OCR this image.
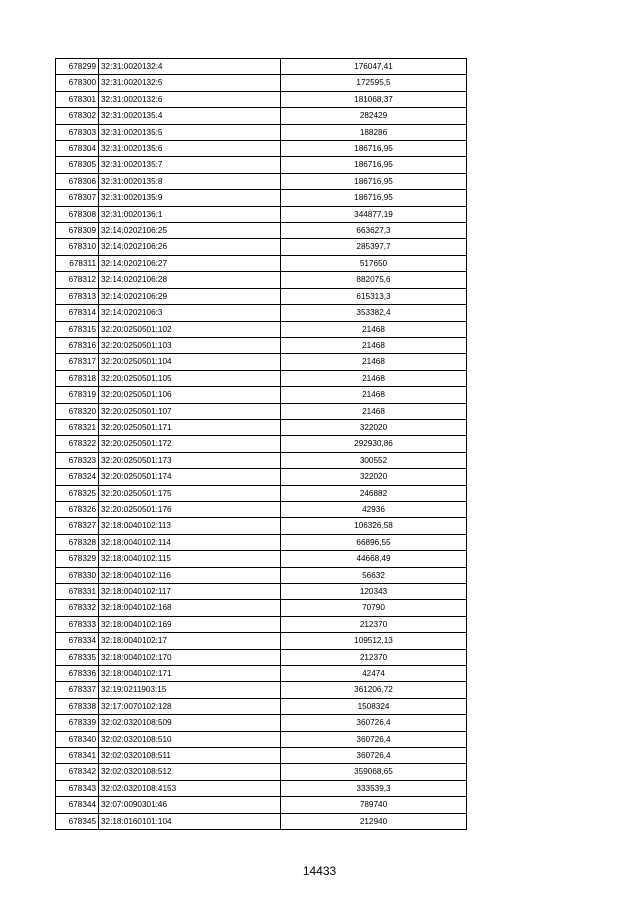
678299	32:31:0020132:4	176047,41
678300	32:31:0020132:5	172595,5
678301	32:31:0020132:6	181068,37
678302	32:31:0020135:4	282429
678303	32:31:0020135:5	188286
678304	32:31:0020135:6	186716,95
678305	32:31:0020135:7	186716,95
678306	32:31:0020135:8	186716,95
678307	32:31:0020135:9	186716,95
678308	32:31:0020136:1	344877,19
678309	32:14:0202106:25	663627,3
678310	32:14:0202106:26	285397,7
678311	32:14:0202106:27	517650
678312	32:14:0202106:28	882075,6
678313	32:14:0202106:29	615313,3
678314	32:14:0202106:3	353382,4
678315	32:20:0250501:102	21468
678316	32:20:0250501:103	21468
678317	32:20:0250501:104	21468
678318	32:20:0250501:105	21468
678319	32:20:0250501:106	21468
678320	32:20:0250501:107	21468
678321	32:20:0250501:171	322020
678322	32:20:0250501:172	292930,86
678323	32:20:0250501:173	300552
678324	32:20:0250501:174	322020
678325	32:20:0250501:175	246882
678326	32:20:0250501:176	42936
678327	32:18:0040102:113	106326,58
678328	32:18:0040102:114	66896,55
678329	32:18:0040102:115	44668,49
678330	32:18:0040102:116	56632
678331	32:18:0040102:117	120343
678332	32:18:0040102:168	70790
678333	32:18:0040102:169	212370
678334	32:18:0040102:17	109512,13
678335	32:18:0040102:170	212370
678336	32:18:0040102:171	42474
678337	32:19:0211903:15	361206,72
678338	32:17:0070102:128	1508324
678339	32:02:0320108:509	360726,4
678340	32:02:0320108:510	360726,4
678341	32:02:0320108:511	360726,4
678342	32:02:0320108:512	359068,65
678343	32:02:0320108:4153	333539,3
678344	32:07:0090301:46	789740
678345	32:18:0160101:104	212940
14433
